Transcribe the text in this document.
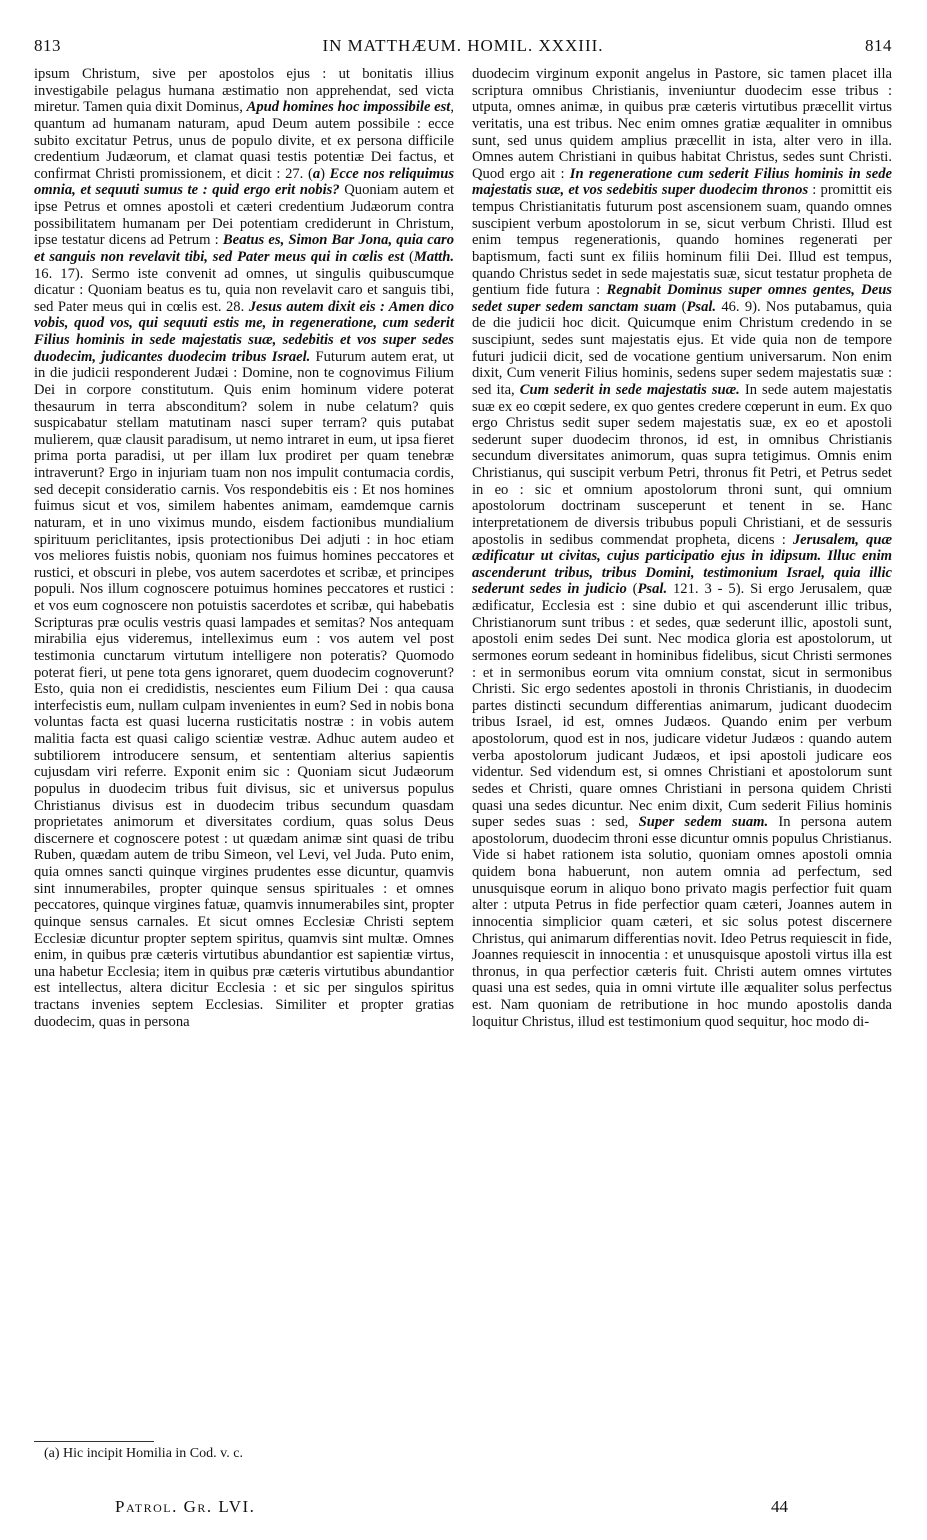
813	IN MATTHÆUM. HOMIL. XXXIII.	814

ipsum Christum, sive per apostolos ejus : ut bonitatis illius investigabile pelagus humana æstimatio non apprehendat, sed victa miretur. Tamen quia dixit Dominus, Apud homines hoc impossibile est, quantum ad humanam naturam, apud Deum autem possibile : ecce subito excitatur Petrus, unus de populo divite, et ex persona difficile credentium Judæorum, et clamat quasi testis potentiæ Dei factus, et confirmat Christi promissionem, et dicit : 27. (a) Ecce nos reliquimus omnia, et sequuti sumus te : quid ergo erit nobis? Quoniam autem et ipse Petrus et omnes apostoli et cæteri credentium Judæorum contra possibilitatem humanam per Dei potentiam crediderunt in Christum, ipse testatur dicens ad Petrum : Beatus es, Simon Bar Jona, quia caro et sanguis non revelavit tibi, sed Pater meus qui in cœlis est (Matth. 16. 17). Sermo iste convenit ad omnes, ut singulis quibuscumque dicatur : Quoniam beatus es tu, quia non revelavit caro et sanguis tibi, sed Pater meus qui in cœlis est. 28. Jesus autem dixit eis : Amen dico vobis, quod vos, qui sequuti estis me, in regeneratione, cum sederit Filius hominis in sede majestatis suæ, sedebitis et vos super sedes duodecim, judicantes duodecim tribus Israel. Futurum autem erat, ut in die judicii responderent Judæi : Domine, non te cognovimus Filium Dei in corpore constitutum. Quis enim hominum videre poterat thesaurum in terra absconditum? solem in nube celatum? quis suspicabatur stellam matutinam nasci super terram? quis putabat mulierem, quæ clausit paradisum, ut nemo intraret in eum, ut ipsa fieret prima porta paradisi, ut per illam lux prodiret per quam tenebræ intraverunt? Ergo in injuriam tuam non nos impulit contumacia cordis, sed decepit consideratio carnis. Vos respondebitis eis : Et nos homines fuimus sicut et vos, similem habentes animam, eamdemque carnis naturam, et in uno viximus mundo, eisdem factionibus mundialium spirituum periclitantes, ipsis protectionibus Dei adjuti : in hoc etiam vos meliores fuistis nobis, quoniam nos fuimus homines peccatores et rustici, et obscuri in plebe, vos autem sacerdotes et scribæ, et principes populi. Nos illum cognoscere potuimus homines peccatores et rustici : et vos eum cognoscere non potuistis sacerdotes et scribæ, qui habebatis Scripturas præ oculis vestris quasi lampades et semitas? Nos antequam mirabilia ejus videremus, intelleximus eum : vos autem vel post testimonia cunctarum virtutum intelligere non poteratis? Quomodo poterat fieri, ut pene tota gens ignoraret, quem duodecim cognoverunt? Esto, quia non ei credidistis, nescientes eum Filium Dei : qua causa interfecistis eum, nullam culpam invenientes in eum? Sed in nobis bona voluntas facta est quasi lucerna rusticitatis nostræ : in vobis autem malitia facta est quasi caligo scientiæ vestræ. Adhuc autem audeo et subtiliorem introducere sensum, et sententiam alterius sapientis cujusdam viri referre. Exponit enim sic : Quoniam sicut Judæorum populus in duodecim tribus fuit divisus, sic et universus populus Christianus divisus est in duodecim tribus secundum quasdam proprietates animorum et diversitates cordium, quas solus Deus discernere et cognoscere potest : ut quædam animæ sint quasi de tribu Ruben, quædam autem de tribu Simeon, vel Levi, vel Juda. Puto enim, quia omnes sancti quinque virgines prudentes esse dicuntur, quamvis sint innumerabiles, propter quinque sensus spirituales : et omnes peccatores, quinque virgines fatuæ, quamvis innumerabiles sint, propter quinque sensus carnales. Et sicut omnes Ecclesiæ Christi septem Ecclesiæ dicuntur propter septem spiritus, quamvis sint multæ. Omnes enim, in quibus præ cæteris virtutibus abundantior est sapientiæ virtus, una habetur Ecclesia; item in quibus præ cæteris virtutibus abundantior est intellectus, altera dicitur Ecclesia : et sic per singulos spiritus tractans invenies septem Ecclesias. Similiter et propter gratias duodecim, quas in persona

duodecim virginum exponit angelus in Pastore, sic tamen placet illa scriptura omnibus Christianis, inveniuntur duodecim esse tribus : utputa, omnes animæ, in quibus præ cæteris virtutibus præcellit virtus veritatis, una est tribus. Nec enim omnes gratiæ æqualiter in omnibus sunt, sed unus quidem amplius præcellit in ista, alter vero in illa. Omnes autem Christiani in quibus habitat Christus, sedes sunt Christi. Quod ergo ait : In regeneratione cum sederit Filius hominis in sede majestatis suæ, et vos sedebitis super duodecim thronos : promittit eis tempus Christianitatis futurum post ascensionem suam, quando omnes suscipient verbum apostolorum in se, sicut verbum Christi. Illud est enim tempus regenerationis, quando homines regenerati per baptismum, facti sunt ex filiis hominum filii Dei. Illud est tempus, quando Christus sedet in sede majestatis suæ, sicut testatur propheta de gentium fide futura : Regnabit Dominus super omnes gentes, Deus sedet super sedem sanctam suam (Psal. 46. 9). Nos putabamus, quia de die judicii hoc dicit. Quicumque enim Christum credendo in se suscipiunt, sedes sunt majestatis ejus. Et vide quia non de tempore futuri judicii dicit, sed de vocatione gentium universarum. Non enim dixit, Cum venerit Filius hominis, sedens super sedem majestatis suæ : sed ita, Cum sederit in sede majestatis suæ. In sede autem majestatis suæ ex eo cœpit sedere, ex quo gentes credere cœperunt in eum. Ex quo ergo Christus sedit super sedem majestatis suæ, ex eo et apostoli sederunt super duodecim thronos, id est, in omnibus Christianis secundum diversitates animorum, quas supra tetigimus. Omnis enim Christianus, qui suscipit verbum Petri, thronus fit Petri, et Petrus sedet in eo : sic et omnium apostolorum throni sunt, qui omnium apostolorum doctrinam susceperunt et tenent in se. Hanc interpretationem de diversis tribubus populi Christiani, et de sessuris apostolis in sedibus commendat propheta, dicens : Jerusalem, quæ ædificatur ut civitas, cujus participatio ejus in idipsum. Illuc enim ascenderunt tribus, tribus Domini, testimonium Israel, quia illic sederunt sedes in judicio (Psal. 121. 3 - 5). Si ergo Jerusalem, quæ ædificatur, Ecclesia est : sine dubio et qui ascenderunt illic tribus, Christianorum sunt tribus : et sedes, quæ sederunt illic, apostoli sunt, apostoli enim sedes Dei sunt. Nec modica gloria est apostolorum, ut sermones eorum sedeant in hominibus fidelibus, sicut Christi sermones : et in sermonibus eorum vita omnium constat, sicut in sermonibus Christi. Sic ergo sedentes apostoli in thronis Christianis, in duodecim partes distincti secundum differentias animarum, judicant duodecim tribus Israel, id est, omnes Judæos. Quando enim per verbum apostolorum, quod est in nos, judicare videtur Judæos : quando autem verba apostolorum judicant Judæos, et ipsi apostoli judicare eos videntur. Sed videndum est, si omnes Christiani et apostolorum sunt sedes et Christi, quare omnes Christiani in persona quidem Christi quasi una sedes dicuntur. Nec enim dixit, Cum sederit Filius hominis super sedes suas : sed, Super sedem suam. In persona autem apostolorum, duodecim throni esse dicuntur omnis populus Christianus. Vide si habet rationem ista solutio, quoniam omnes apostoli omnia quidem bona habuerunt, non autem omnia ad perfectum, sed unusquisque eorum in aliquo bono privato magis perfectior fuit quam alter : utputa Petrus in fide perfectior quam cæteri, Joannes autem in innocentia simplicior quam cæteri, et sic solus potest discernere Christus, qui animarum differentias novit. Ideo Petrus requiescit in fide, Joannes requiescit in innocentia : et unusquisque apostoli virtus illa est thronus, in qua perfectior cæteris fuit. Christi autem omnes virtutes quasi una est sedes, quia in omni virtute ille æqualiter solus perfectus est. Nam quoniam de retributione in hoc mundo apostolis danda loquitur Christus, illud est testimonium quod sequitur, hoc modo di-

(a) Hic incipit Homilia in Cod. v. c.
Patrol. Gr. LVI.	44
